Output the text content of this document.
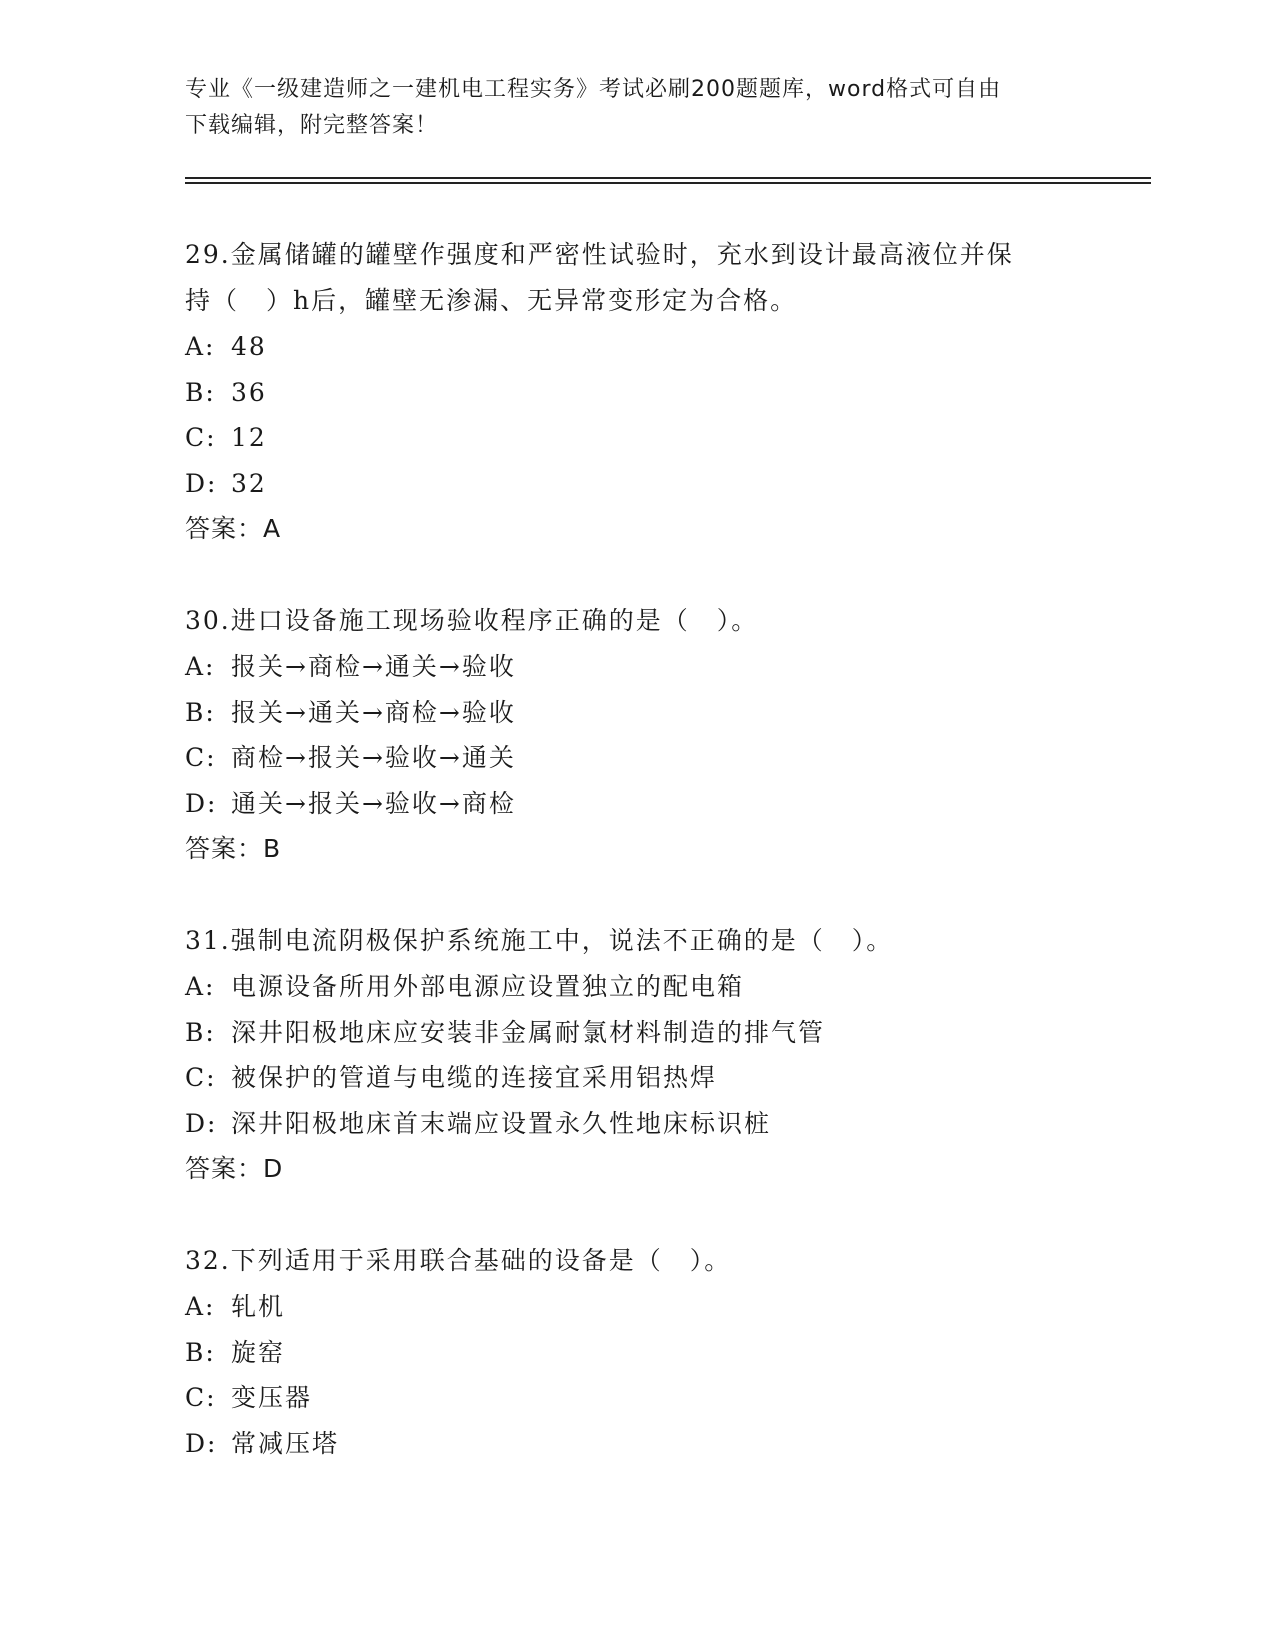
专业《一级建造师之一建机电工程实务》考试必刷200题题库，word格式可自由
下载编辑，附完整答案！
29.金属储罐的罐壁作强度和严密性试验时，充水到设计最高液位并保
持（　）h后，罐壁无渗漏、无异常变形定为合格。
A: 48
B: 36
C: 12
D: 32
答案：A
30.进口设备施工现场验收程序正确的是（　）。
A: 报关→商检→通关→验收
B: 报关→通关→商检→验收
C: 商检→报关→验收→通关
D: 通关→报关→验收→商检
答案：B
31.强制电流阴极保护系统施工中，说法不正确的是（　）。
A: 电源设备所用外部电源应设置独立的配电箱
B: 深井阳极地床应安装非金属耐氯材料制造的排气管
C: 被保护的管道与电缆的连接宜采用铝热焊
D: 深井阳极地床首末端应设置永久性地床标识桩
答案：D
32.下列适用于采用联合基础的设备是（　）。
A: 轧机
B: 旋窑
C: 变压器
D: 常减压塔
